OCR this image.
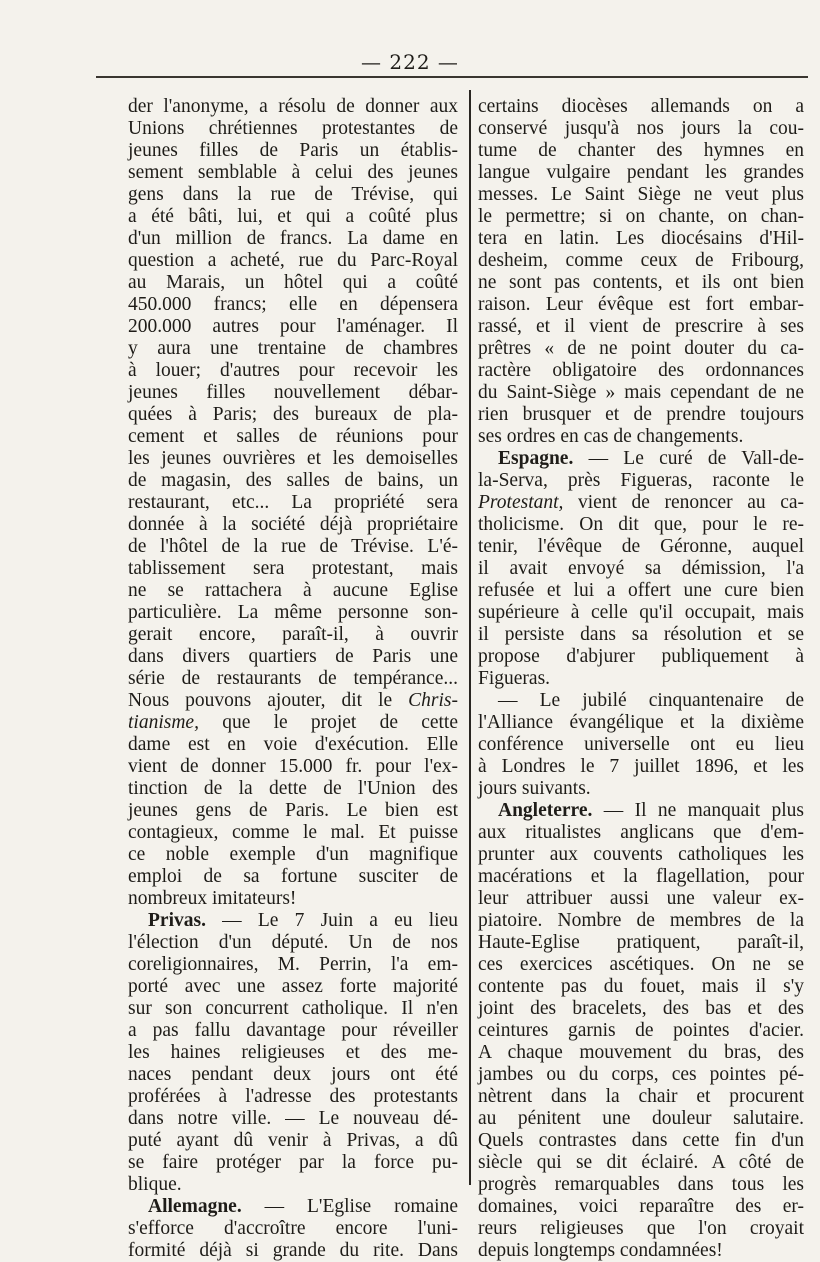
— 222 —
der l'anonyme, a résolu de donner aux
Unions chrétiennes protestantes de
jeunes filles de Paris un établis-
sement semblable à celui des jeunes
gens dans la rue de Trévise, qui
a été bâti, lui, et qui a coûté plus
d'un million de francs. La dame en
question a acheté, rue du Parc-Royal
au Marais, un hôtel qui a coûté
450.000 francs; elle en dépensera
200.000 autres pour l'aménager. Il
y aura une trentaine de chambres
à louer; d'autres pour recevoir les
jeunes filles nouvellement débar-
quées à Paris; des bureaux de pla-
cement et salles de réunions pour
les jeunes ouvrières et les demoiselles
de magasin, des salles de bains, un
restaurant, etc... La propriété sera
donnée à la société déjà propriétaire
de l'hôtel de la rue de Trévise. L'é-
tablissement sera protestant, mais
ne se rattachera à aucune Eglise
particulière. La même personne son-
gerait encore, paraît-il, à ouvrir
dans divers quartiers de Paris une
série de restaurants de tempérance...
Nous pouvons ajouter, dit le Chris-
tianisme, que le projet de cette
dame est en voie d'exécution. Elle
vient de donner 15.000 fr. pour l'ex-
tinction de la dette de l'Union des
jeunes gens de Paris. Le bien est
contagieux, comme le mal. Et puisse
ce noble exemple d'un magnifique
emploi de sa fortune susciter de
nombreux imitateurs!
Privas. — Le 7 Juin a eu lieu
l'élection d'un député. Un de nos
coreligionnaires, M. Perrin, l'a em-
porté avec une assez forte majorité
sur son concurrent catholique. Il n'en
a pas fallu davantage pour réveiller
les haines religieuses et des me-
naces pendant deux jours ont été
proférées à l'adresse des protestants
dans notre ville. — Le nouveau dé-
puté ayant dû venir à Privas, a dû
se faire protéger par la force pu-
blique.
Allemagne. — L'Eglise romaine
s'efforce d'accroître encore l'uni-
formité déjà si grande du rite. Dans
certains diocèses allemands on a
conservé jusqu'à nos jours la cou-
tume de chanter des hymnes en
langue vulgaire pendant les grandes
messes. Le Saint Siège ne veut plus
le permettre; si on chante, on chan-
tera en latin. Les diocésains d'Hil-
desheim, comme ceux de Fribourg,
ne sont pas contents, et ils ont bien
raison. Leur évêque est fort embar-
rassé, et il vient de prescrire à ses
prêtres « de ne point douter du ca-
ractère obligatoire des ordonnances
du Saint-Siège » mais cependant de ne
rien brusquer et de prendre toujours
ses ordres en cas de changements.
Espagne. — Le curé de Vall-de-
la-Serva, près Figueras, raconte le
Protestant, vient de renoncer au ca-
tholicisme. On dit que, pour le re-
tenir, l'évêque de Géronne, auquel
il avait envoyé sa démission, l'a
refusée et lui a offert une cure bien
supérieure à celle qu'il occupait, mais
il persiste dans sa résolution et se
propose d'abjurer publiquement à
Figueras.
— Le jubilé cinquantenaire de
l'Alliance évangélique et la dixième
conférence universelle ont eu lieu
à Londres le 7 juillet 1896, et les
jours suivants.
Angleterre. — Il ne manquait plus
aux ritualistes anglicans que d'em-
prunter aux couvents catholiques les
macérations et la flagellation, pour
leur attribuer aussi une valeur ex-
piatoire. Nombre de membres de la
Haute-Eglise pratiquent, paraît-il,
ces exercices ascétiques. On ne se
contente pas du fouet, mais il s'y
joint des bracelets, des bas et des
ceintures garnis de pointes d'acier.
A chaque mouvement du bras, des
jambes ou du corps, ces pointes pé-
nètrent dans la chair et procurent
au pénitent une douleur salutaire.
Quels contrastes dans cette fin d'un
siècle qui se dit éclairé. A côté de
progrès remarquables dans tous les
domaines, voici reparaître des er-
reurs religieuses que l'on croyait
depuis longtemps condamnées!
